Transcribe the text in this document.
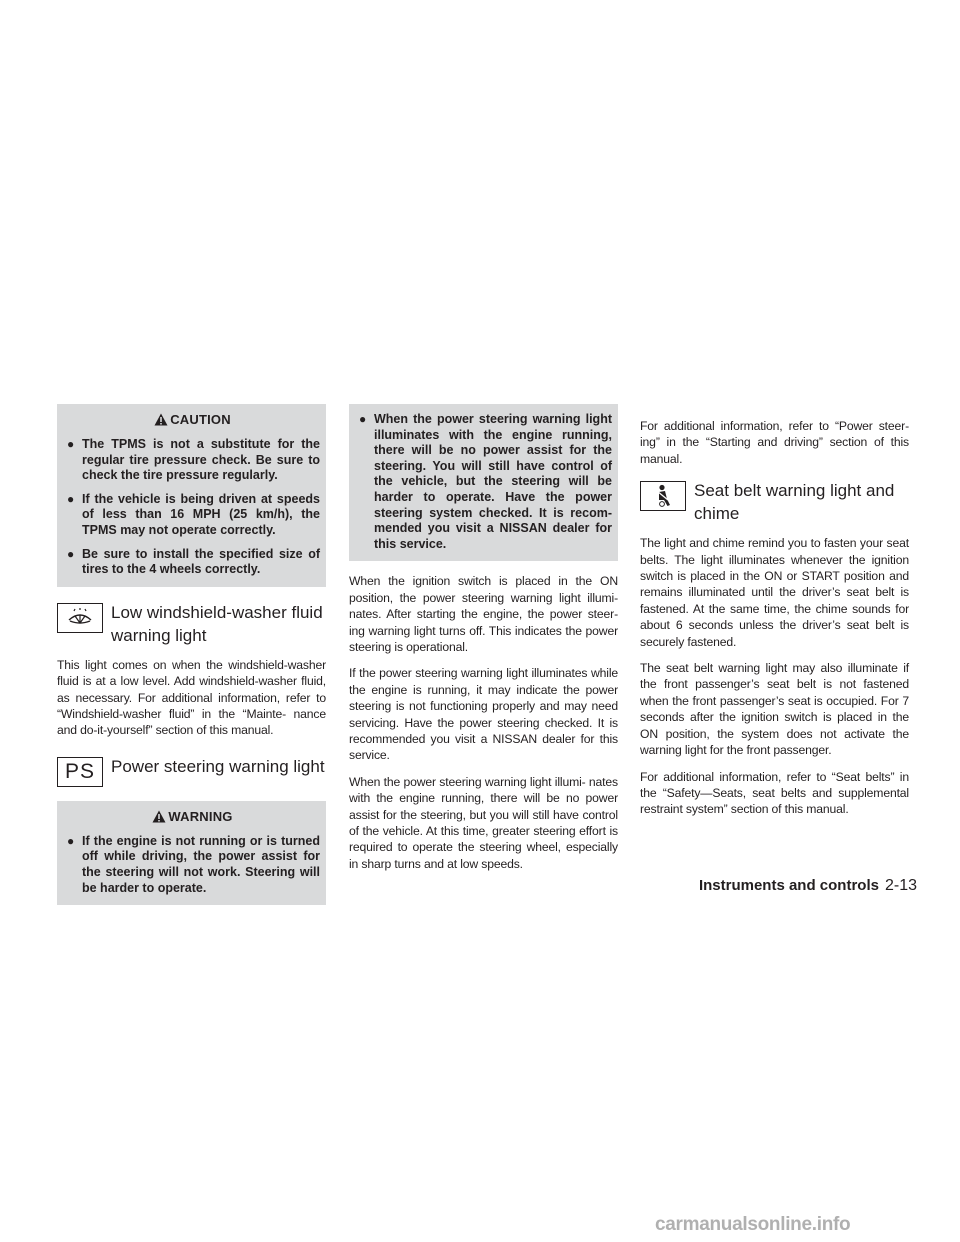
CAUTION
● The TPMS is not a substitute for the regular tire pressure check. Be sure to check the tire pressure regularly.
● If the vehicle is being driven at speeds of less than 16 MPH (25 km/h), the TPMS may not operate correctly.
● Be sure to install the specified size of tires to the 4 wheels correctly.
Low windshield-washer fluid warning light

This light comes on when the windshield-washer fluid is at a low level. Add windshield-washer fluid, as necessary. For additional information, refer to “Windshield-washer fluid” in the “Mainte- nance and do-it-yourself” section of this manual.

PS Power steering warning light
WARNING
● If the engine is not running or is turned off while driving, the power assist for the steering will not work. Steering will be harder to operate.
● When the power steering warning light illuminates with the engine running, there will be no power assist for the steering. You will still have control of the vehicle, but the steering will be harder to operate. Have the power steering system checked. It is recom- mended you visit a NISSAN dealer for this service.

When the ignition switch is placed in the ON position, the power steering warning light illumi- nates. After starting the engine, the power steer- ing warning light turns off. This indicates the power steering is operational.

If the power steering warning light illuminates while the engine is running, it may indicate the power steering is not functioning properly and may need servicing. Have the power steering checked. It is recommended you visit a NISSAN dealer for this service.

When the power steering warning light illumi- nates with the engine running, there will be no power assist for the steering, but you will still have control of the vehicle. At this time, greater steering effort is required to operate the steering wheel, especially in sharp turns and at low speeds.

For additional information, refer to “Power steer- ing” in the “Starting and driving” section of this manual.

Seat belt warning light and chime

The light and chime remind you to fasten your seat belts. The light illuminates whenever the ignition switch is placed in the ON or START position and remains illuminated until the driver’s seat belt is fastened. At the same time, the chime sounds for about 6 seconds unless the driver’s seat belt is securely fastened.

The seat belt warning light may also illuminate if the front passenger’s seat belt is not fastened when the front passenger’s seat is occupied. For 7 seconds after the ignition switch is placed in the ON position, the system does not activate the warning light for the front passenger.

For additional information, refer to “Seat belts” in the “Safety—Seats, seat belts and supplemental restraint system” section of this manual.

Instruments and controls 2-13
carmanualsonline.info
